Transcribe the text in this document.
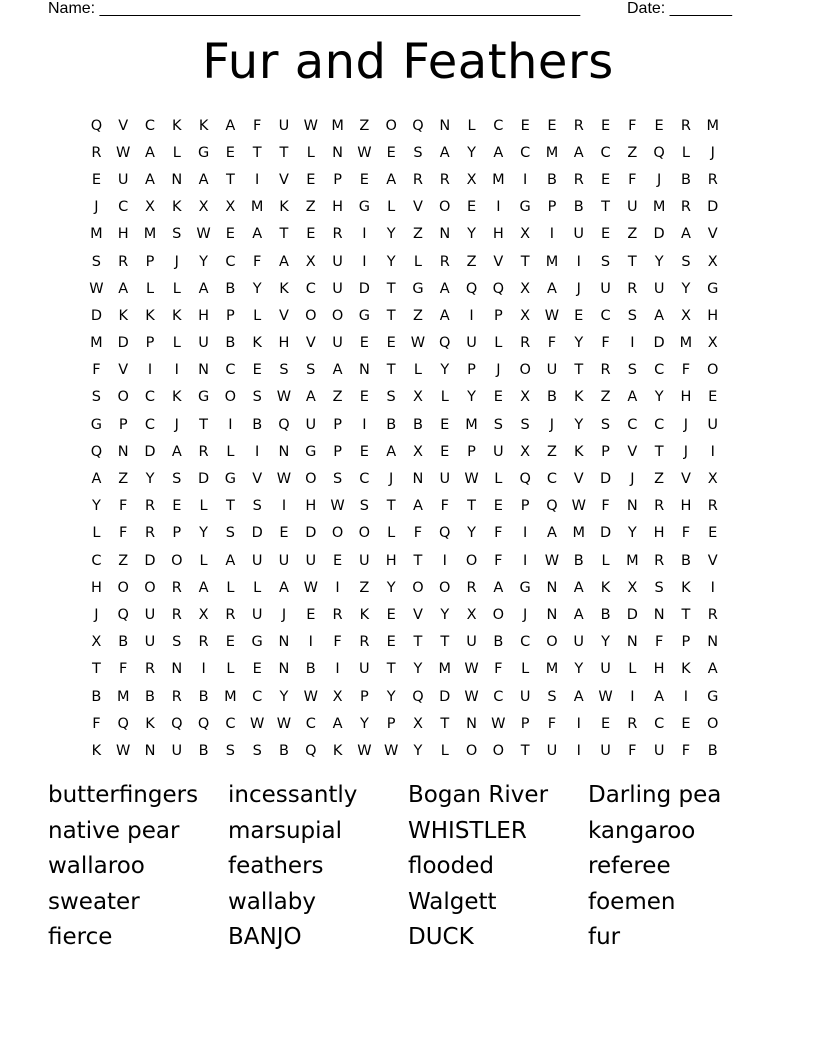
Name: ______________________________________________________	Date: _______
Fur and Feathers
Q	V	C	K	K	A	F	U W M	Z	O	Q	N	L	C	E	E	R	E	F	E	R	M
R	W	A	L	G	E	T	T	L	N W	E	S	A	Y	A	C	M	A	C	Z	Q	L	J
E	U	A	N	A	T	I	V	E	P	E	A	R	R	X	M	I	B	R	E	F	J	B	R
J	C	X	K	X	X	M	K	Z	H	G	L	V	O	E	I	G	P	B	T	U	M	R	D
M	H	M	S	W	E	A	T	E	R	I	Y	Z	N	Y	H	X	I	U	E	Z	D	A	V
S	R	P	J	Y	C	F	A	X	U	I	Y	L	R	Z	V	T	M	I	S	T	Y	S	X
W	A	L	L	A	B	Y	K	C	U	D	T	G	A	Q	Q	X	A	J	U	R	U	Y	G
D	K	K	K	H	P	L	V	O	O	G	T	Z	A	I	P	X	W	E	C	S	A	X	H
M	D	P	L	U	B	K	H	V	U	E	E	W Q	U	L	R	F	Y	F	I	D	M	X
F	V	I	I	N	C	E	S	S	A	N	T	L	Y	P	J	O	U	T	R	S	C	F	O
S	O	C	K	G	O	S	W	A	Z	E	S	X	L	Y	E	X	B	K	Z	A	Y	H	E
G	P	C	J	T	I	B	Q	U	P	I	B	B	E	M	S	S	J	Y	S	C	C	J	U
Q	N	D	A	R	L	I	N	G	P	E	A	X	E	P	U	X	Z	K	P	V	T	J	I
A	Z	Y	S	D	G	V	W O	S	C	J	N	U W	L	Q	C	V	D	J	Z	V	X
Y	F	R	E	L	T	S	I	H W	S	T	A	F	T	E	P	Q W	F	N	R	H	R
L	F	R	P	Y	S	D	E	D	O	O	L	F	Q	Y	F	I	A	M	D	Y	H	F	E
C	Z	D	O	L	A	U	U	U	E	U	H	T	I	O	F	I	W	B	L	M	R	B	V
H	O	O	R	A	L	L	A	W	I	Z	Y	O	O	R	A	G	N	A	K	X	S	K	I
J	Q	U	R	X	R	U	J	E	R	K	E	V	Y	X	O	J	N	A	B	D	N	T	R
X	B	U	S	R	E	G	N	I	F	R	E	T	T	U	B	C	O	U	Y	N	F	P	N
T	F	R	N	I	L	E	N	B	I	U	T	Y	M W	F	L	M	Y	U	L	H	K	A
B	M	B	R	B	M	C	Y	W	X	P	Y	Q	D W	C	U	S	A	W	I	A	I	G
F	Q	K	Q	Q	C	W W	C	A	Y	P	X	T	N W	P	F	I	E	R	C	E	O
K	W N	U	B	S	S	B	Q	K	W W	Y	L	O	O	T	U	I	U	F	U	F	B
butterfingers	incessantly	Bogan River	Darling pea
native pear	marsupial	WHISTLER	kangaroo
wallaroo	feathers	flooded	referee
sweater	wallaby	Walgett	foemen
fierce	BANJO	DUCK	fur
